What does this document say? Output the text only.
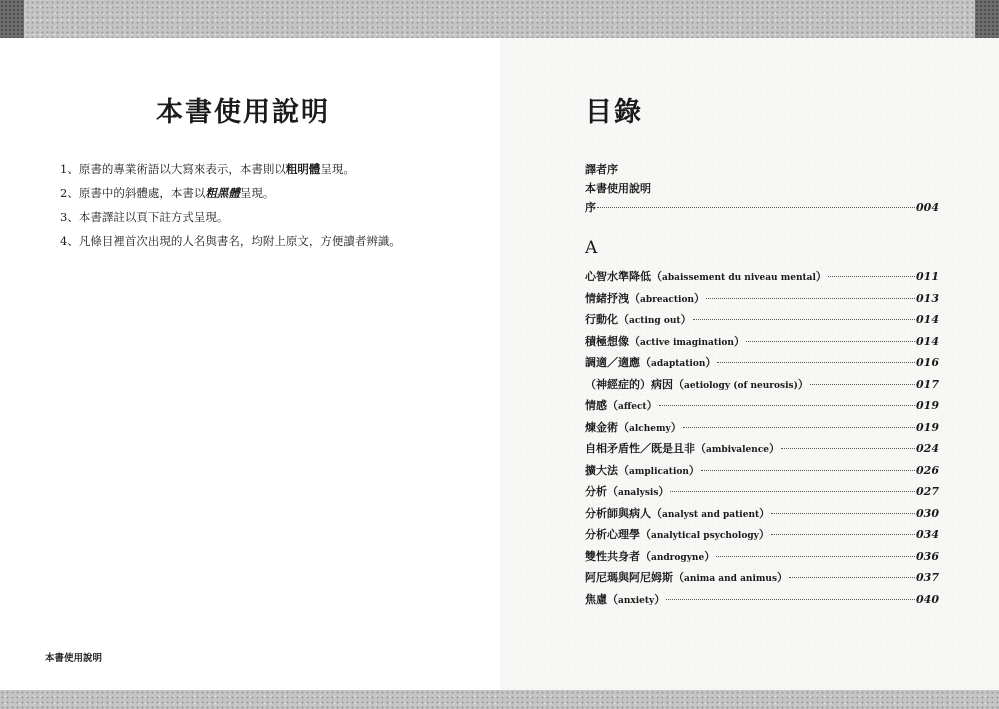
本書使用說明
1、原書的專業術語以大寫來表示，本書則以粗明體呈現。
2、原書中的斜體處，本書以粗黑體呈現。
3、本書譯註以頁下註方式呈現。
4、凡條目裡首次出現的人名與書名，均附上原文，方便讀者辨識。
本書使用說明
目錄
譯者序
本書使用說明
序	004
A
心智水準降低 （ abaissement du niveau mental ）	011
情緒抒洩 （ abreaction ）	013
行動化 （ acting out ）	014
積極想像 （ active imagination ）	014
調適／適應 （ adaptation ）	016
（神經症的）病因 （ aetiology (of neurosis) ）	017
情感 （ affect ）	019
煉金術 （ alchemy ）	019
自相矛盾性／既是且非 （ ambivalence ）	024
擴大法 （ amplication ）	026
分析 （ analysis ）	027
分析師與病人 （ analyst and patient ）	030
分析心理學 （ analytical psychology ）	034
雙性共身者 （ androgyne ）	036
阿尼瑪與阿尼姆斯 （ anima and animus ）	037
焦慮 （ anxiety ）	040
